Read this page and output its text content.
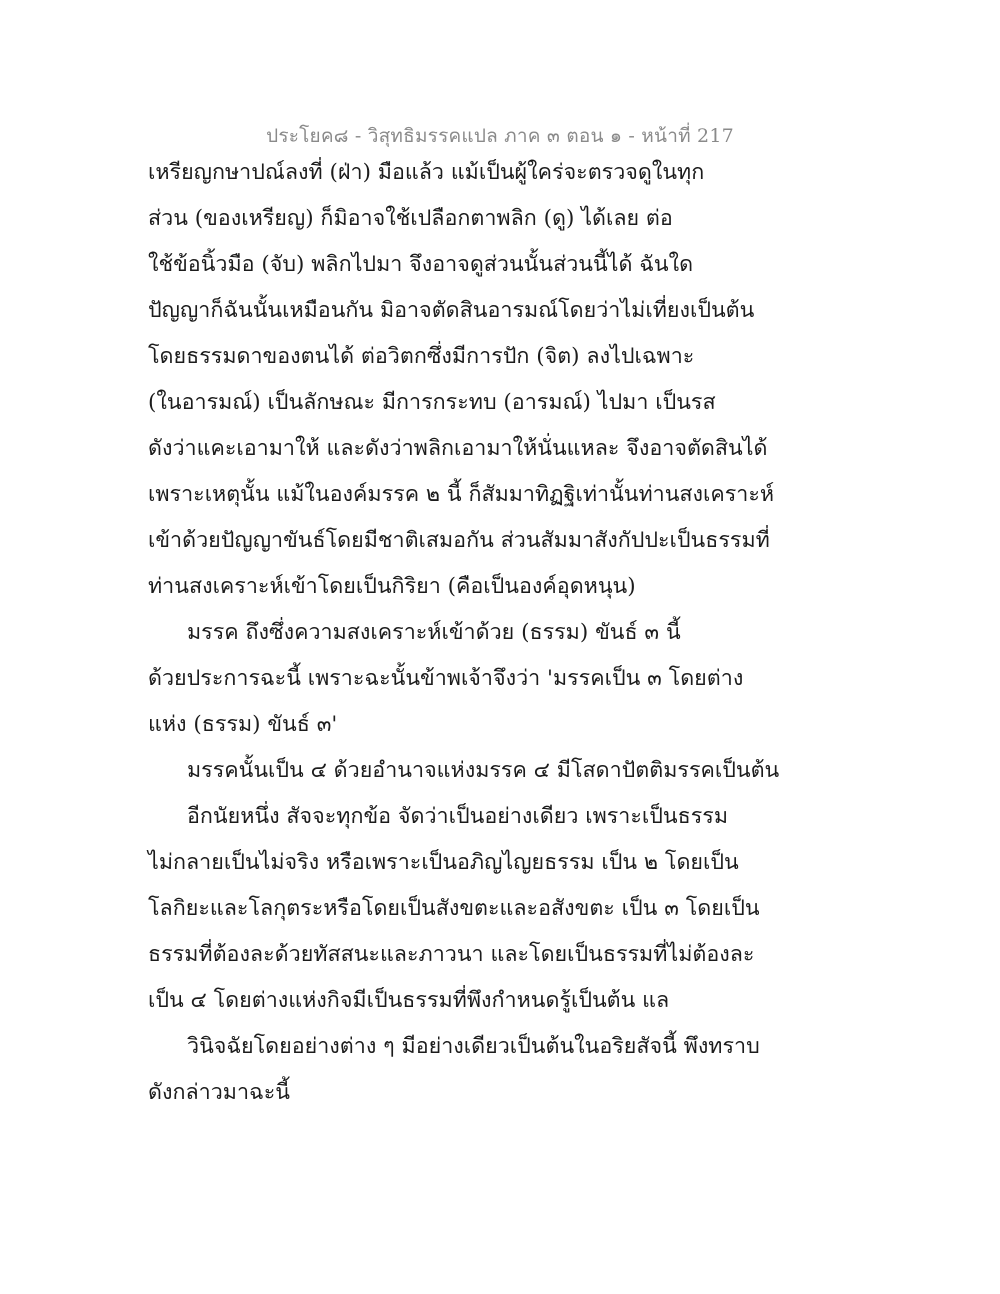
ประโยค๘ - วิสุทธิมรรคแปล ภาค ๓ ตอน ๑ - หน้าที่ 217
เหรียญกษาปณ์ลงที่ (ฝ่า) มือแล้ว แม้เป็นผู้ใคร่จะตรวจดูในทุก
ส่วน (ของเหรียญ) ก็มิอาจใช้เปลือกตาพลิก (ดู) ได้เลย ต่อ
ใช้ข้อนิ้วมือ (จับ) พลิกไปมา จึงอาจดูส่วนนั้นส่วนนี้ได้ ฉันใด
ปัญญาก็ฉันนั้นเหมือนกัน มิอาจตัดสินอารมณ์โดยว่าไม่เที่ยงเป็นต้น
โดยธรรมดาของตนได้ ต่อวิตกซึ่งมีการปัก (จิต) ลงไปเฉพาะ
(ในอารมณ์) เป็นลักษณะ มีการกระทบ (อารมณ์) ไปมา เป็นรส
ดังว่าแคะเอามาให้ และดังว่าพลิกเอามาให้นั่นแหละ จึงอาจตัดสินได้
เพราะเหตุนั้น แม้ในองค์มรรค ๒ นี้ ก็สัมมาทิฏฐิเท่านั้นท่านสงเคราะห์
เข้าด้วยปัญญาขันธ์โดยมีชาติเสมอกัน ส่วนสัมมาสังกัปปะเป็นธรรมที่
ท่านสงเคราะห์เข้าโดยเป็นกิริยา (คือเป็นองค์อุดหนุน)
มรรค ถึงซึ่งความสงเคราะห์เข้าด้วย (ธรรม) ขันธ์ ๓ นี้
ด้วยประการฉะนี้ เพราะฉะนั้นข้าพเจ้าจึงว่า 'มรรคเป็น ๓ โดยต่าง
แห่ง (ธรรม) ขันธ์ ๓'
มรรคนั้นเป็น ๔ ด้วยอำนาจแห่งมรรค ๔ มีโสดาปัตติมรรคเป็นต้น
อีกนัยหนึ่ง สัจจะทุกข้อ จัดว่าเป็นอย่างเดียว เพราะเป็นธรรม
ไม่กลายเป็นไม่จริง หรือเพราะเป็นอภิญไญยธรรม เป็น ๒ โดยเป็น
โลกิยะและโลกุตระหรือโดยเป็นสังขตะและอสังขตะ เป็น ๓ โดยเป็น
ธรรมที่ต้องละด้วยทัสสนะและภาวนา และโดยเป็นธรรมที่ไม่ต้องละ
เป็น ๔ โดยต่างแห่งกิจมีเป็นธรรมที่พึงกำหนดรู้เป็นต้น แล
วินิจฉัยโดยอย่างต่าง ๆ มีอย่างเดียวเป็นต้นในอริยสัจนี้ พึงทราบ
ดังกล่าวมาฉะนี้
